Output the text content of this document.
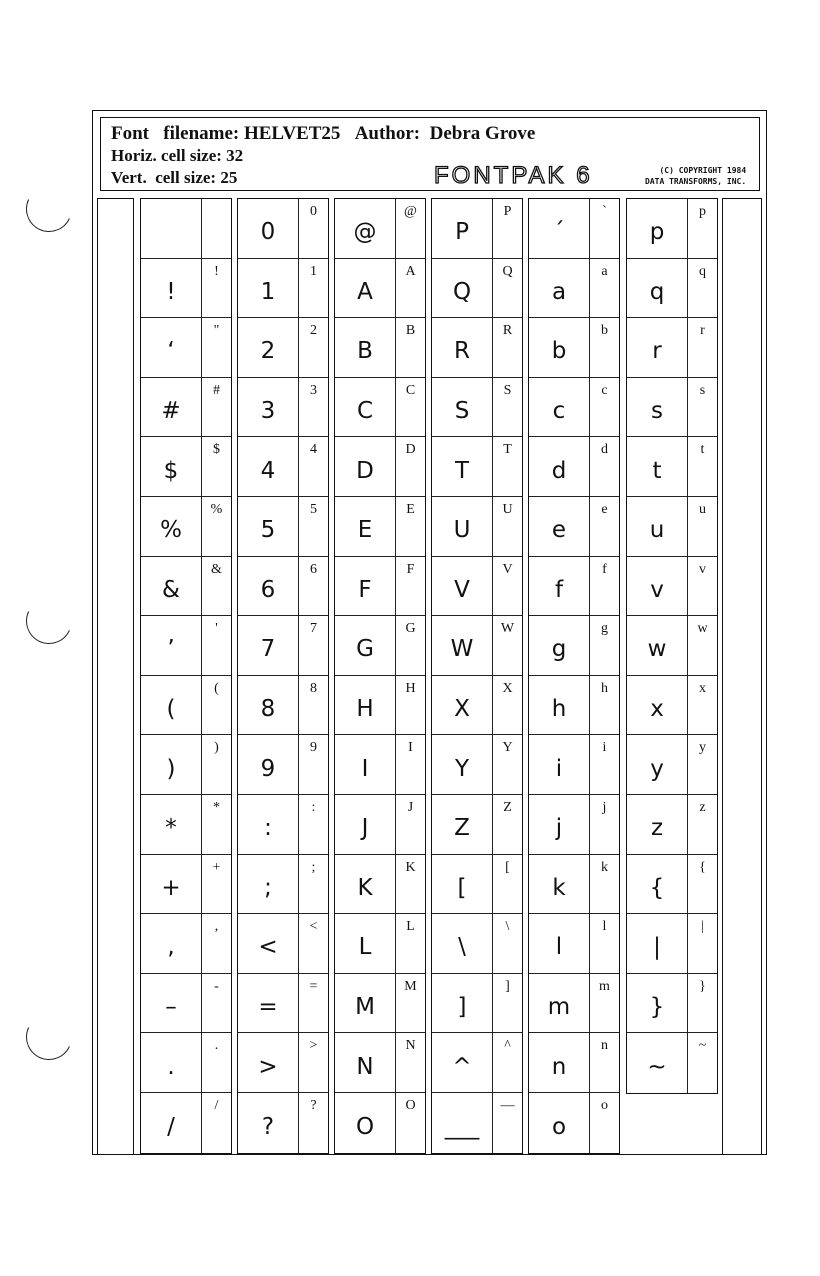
Font filename: HELVET25 Author: Debra Grove
Horiz. cell size: 32
Vert. cell size: 25	FONTPAK 6	(C) COPYRIGHT 1984
DATA TRANSFORMS, INC.
!
!
‘
"
#
#
$
$
%
%
&
&
’
'
(
(
)
)
*
*
+
+
,
,
–
-
.
.
/
/
0
0
1
1
2
2
3
3
4
4
5
5
6
6
7
7
8
8
9
9
:
:
;
;
<
<
=
=
>
>
?
?
@
@
A
A
B
B
C
C
D
D
E
E
F
F
G
G
H
H
I
I
J
J
K
K
L
L
M
M
N
N
O
O
P
P
Q
Q
R
R
S
S
T
T
U
U
V
V
W
W
X
X
Y
Y
Z
Z
[
[
\
\
]
]
^
^
___
—
´
`
a
a
b
b
c
c
d
d
e
e
f
f
g
g
h
h
i
i
j
j
k
k
l
l
m
m
n
n
o
o
p
p
q
q
r
r
s
s
t
t
u
u
v
v
w
w
x
x
y
y
z
z
{
{
|
|
}
}
~
~
